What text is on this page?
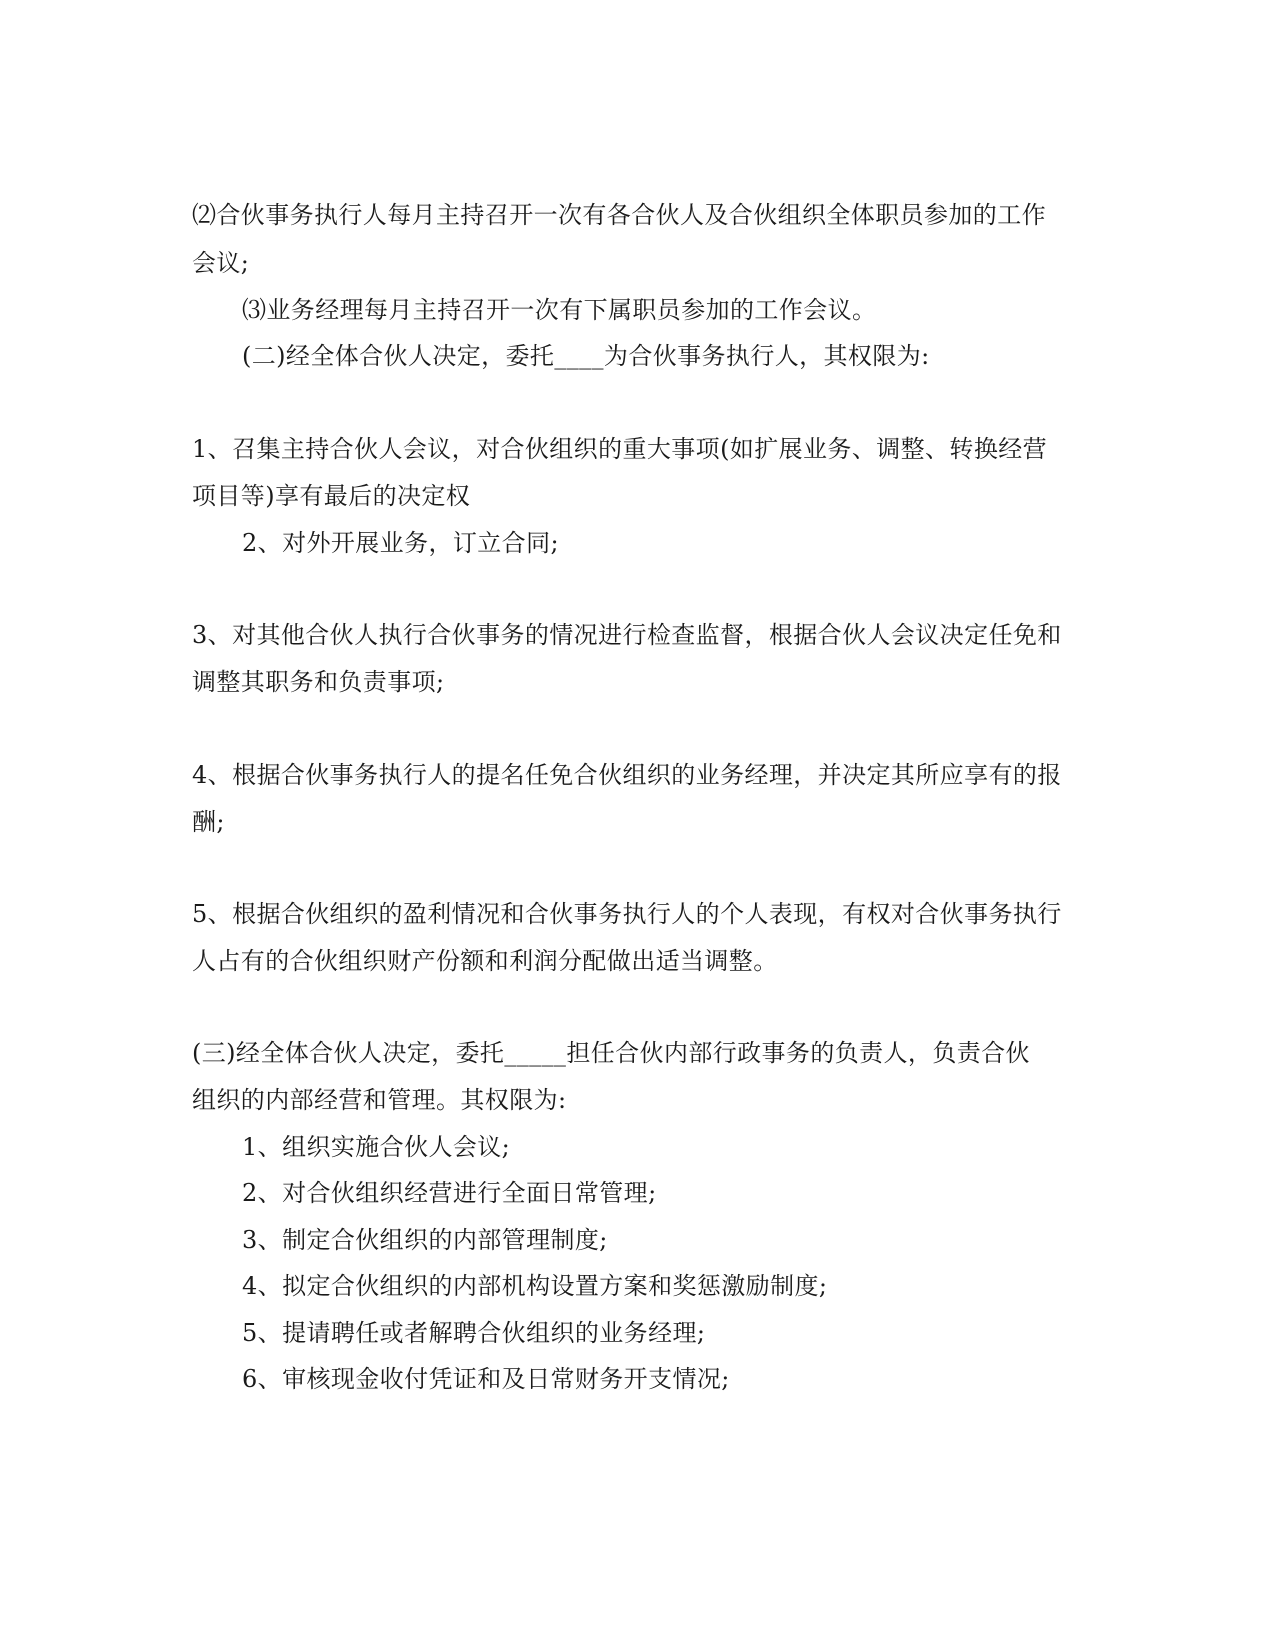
⑵合伙事务执行人每月主持召开一次有各合伙人及合伙组织全体职员参加的工作
会议;
⑶业务经理每月主持召开一次有下属职员参加的工作会议。
(二)经全体合伙人决定，委托____为合伙事务执行人，其权限为:
1、召集主持合伙人会议，对合伙组织的重大事项(如扩展业务、调整、转换经营
项目等)享有最后的决定权
2、对外开展业务，订立合同;
3、对其他合伙人执行合伙事务的情况进行检查监督，根据合伙人会议决定任免和
调整其职务和负责事项;
4、根据合伙事务执行人的提名任免合伙组织的业务经理，并决定其所应享有的报
酬;
5、根据合伙组织的盈利情况和合伙事务执行人的个人表现，有权对合伙事务执行
人占有的合伙组织财产份额和利润分配做出适当调整。
(三)经全体合伙人决定，委托_____担任合伙内部行政事务的负责人，负责合伙
组织的内部经营和管理。其权限为:
1、组织实施合伙人会议;
2、对合伙组织经营进行全面日常管理;
3、制定合伙组织的内部管理制度;
4、拟定合伙组织的内部机构设置方案和奖惩激励制度;
5、提请聘任或者解聘合伙组织的业务经理;
6、审核现金收付凭证和及日常财务开支情况;
